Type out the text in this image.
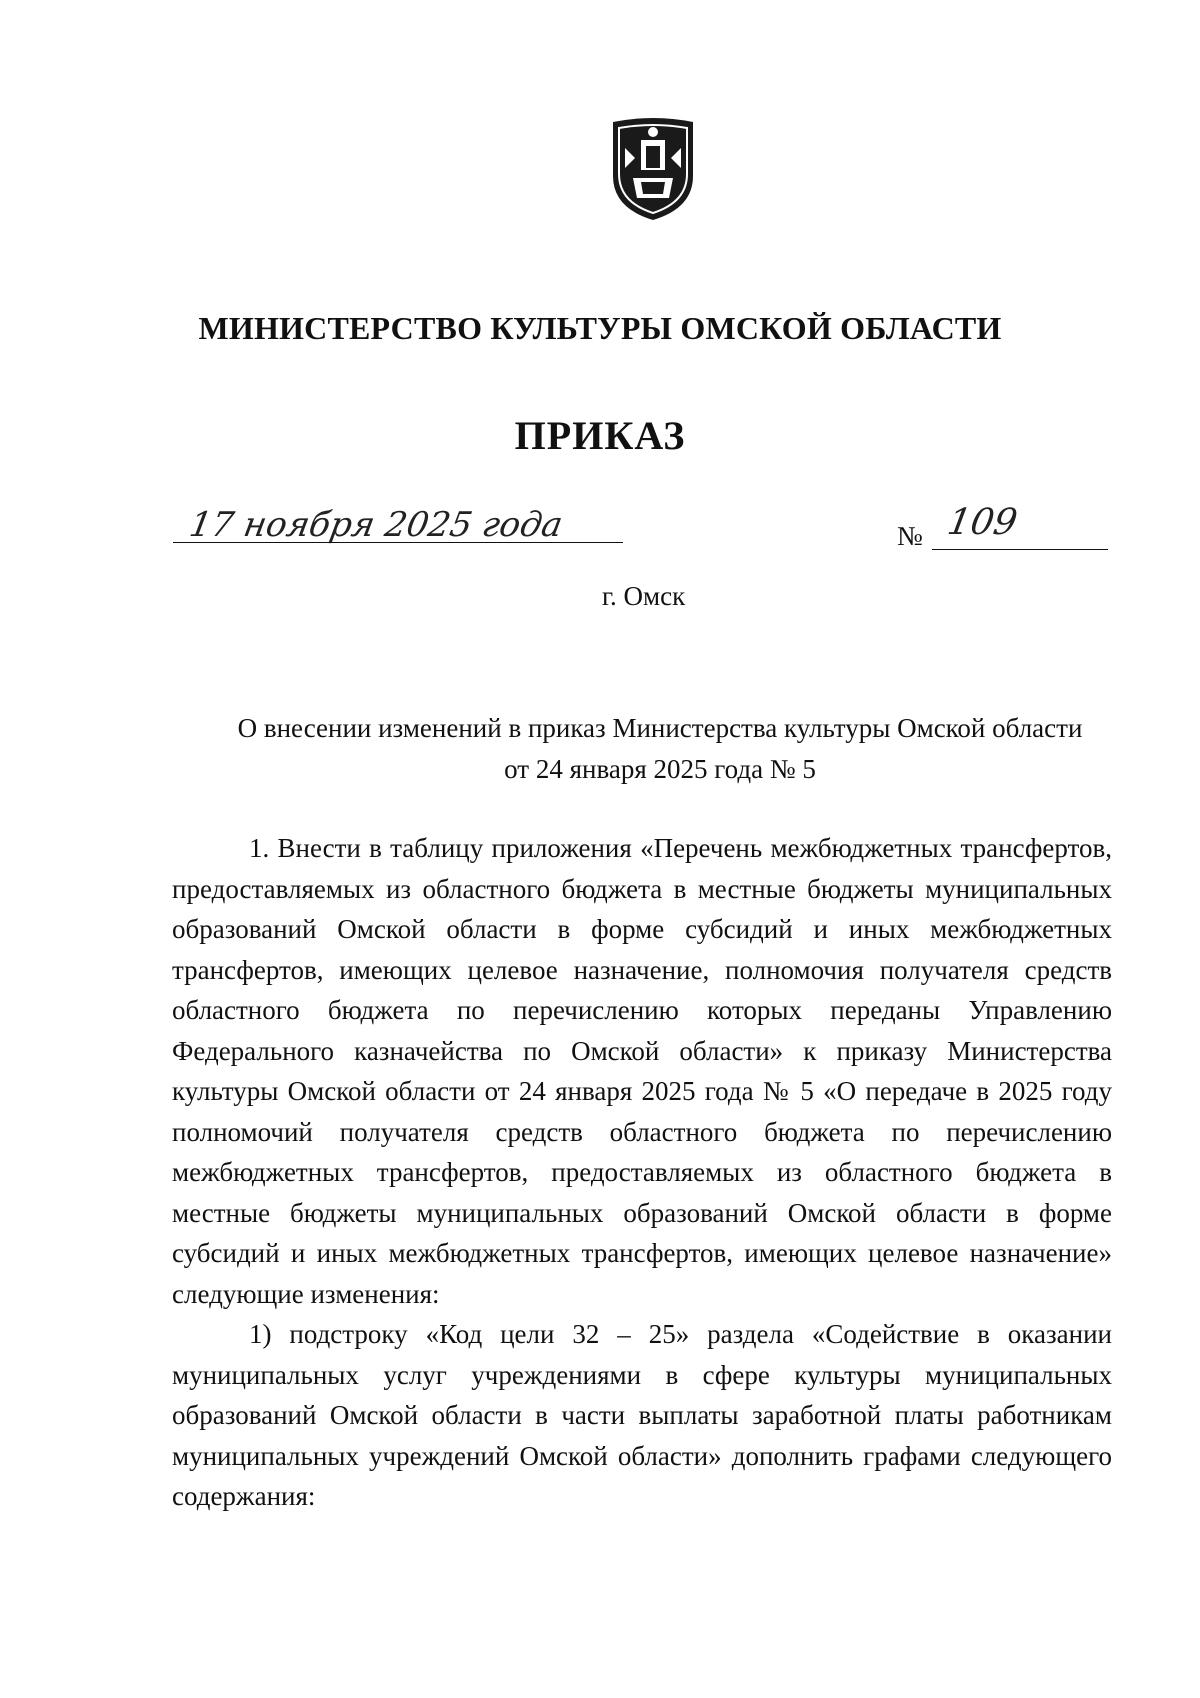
МИНИСТЕРСТВО КУЛЬТУРЫ ОМСКОЙ ОБЛАСТИ
ПРИКАЗ
17 ноября 2025 года	№ 109
г. Омск
О внесении изменений в приказ Министерства культуры Омской области
от 24 января 2025 года № 5

1. Внести в таблицу приложения «Перечень межбюджетных трансфертов, предоставляемых из областного бюджета в местные бюджеты муниципальных образований Омской области в форме субсидий и иных межбюджетных трансфертов, имеющих целевое назначение, полномочия получателя средств областного бюджета по перечислению которых переданы Управлению Федерального казначейства по Омской области» к приказу Министерства культуры Омской области от 24 января 2025 года № 5 «О передаче в 2025 году полномочий получателя средств областного бюджета по перечислению межбюджетных трансфертов, предоставляемых из областного бюджета в местные бюджеты муниципальных образований Омской области в форме субсидий и иных межбюджетных трансфертов, имеющих целевое назначение» следующие изменения:

1) подстроку «Код цели 32 – 25» раздела «Содействие в оказании муниципальных услуг учреждениями в сфере культуры муниципальных образований Омской области в части выплаты заработной платы работникам муниципальных учреждений Омской области» дополнить графами следующего содержания:
